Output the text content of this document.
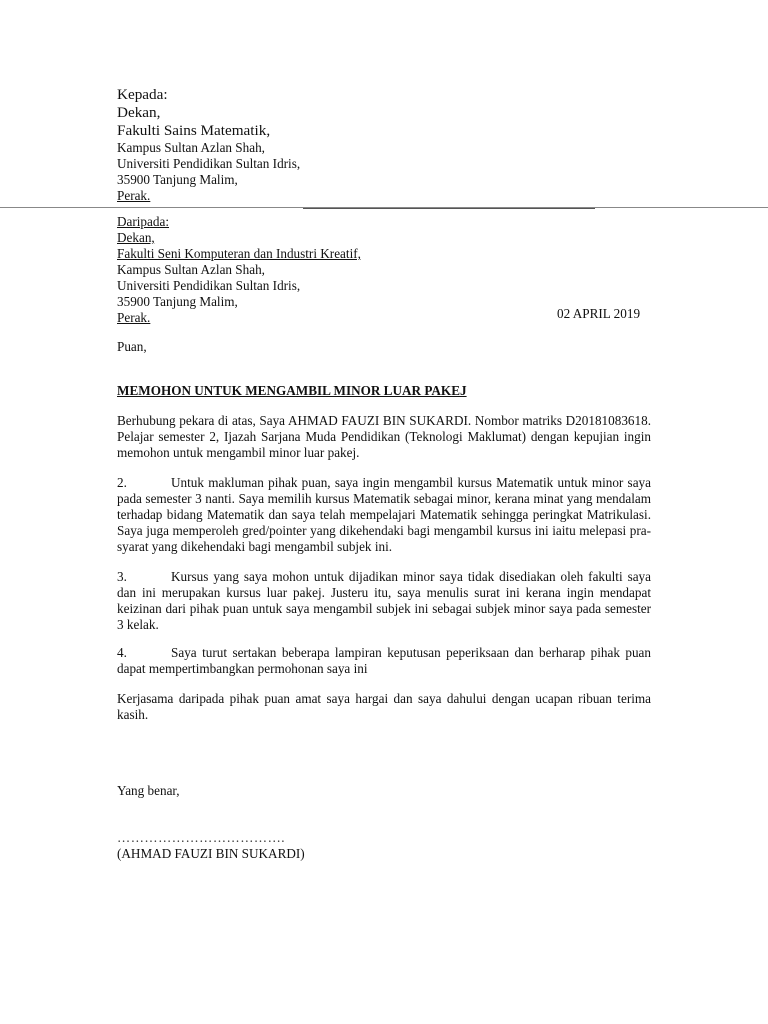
Kepada:
Dekan,
Fakulti Sains Matematik,
Kampus Sultan Azlan Shah,
Universiti Pendidikan Sultan Idris,
35900 Tanjung Malim,
Perak.
Daripada:
Dekan,
Fakulti Seni Komputeran dan Industri Kreatif,
Kampus Sultan Azlan Shah,
Universiti Pendidikan Sultan Idris,
35900 Tanjung Malim,
Perak.	02 APRIL 2019
Puan,
MEMOHON UNTUK MENGAMBIL MINOR LUAR PAKEJ
Berhubung pekara di atas, Saya AHMAD FAUZI BIN SUKARDI. Nombor matriks D20181083618. Pelajar semester 2, Ijazah Sarjana Muda Pendidikan (Teknologi Maklumat) dengan kepujian ingin memohon untuk mengambil minor luar pakej.
2.	Untuk makluman pihak puan, saya ingin mengambil kursus Matematik untuk minor saya pada semester 3 nanti. Saya memilih kursus Matematik sebagai minor, kerana minat yang mendalam terhadap bidang Matematik dan saya telah mempelajari Matematik sehingga peringkat Matrikulasi. Saya juga memperoleh gred/pointer yang dikehendaki bagi mengambil kursus ini iaitu melepasi pra-syarat yang dikehendaki bagi mengambil subjek ini.
3.	Kursus yang saya mohon untuk dijadikan minor saya tidak disediakan oleh fakulti saya dan ini merupakan kursus luar pakej. Justeru itu, saya menulis surat ini kerana ingin mendapat keizinan dari pihak puan untuk saya mengambil subjek ini sebagai subjek minor saya pada semester 3 kelak.
4.	Saya turut sertakan beberapa lampiran keputusan peperiksaan dan berharap pihak puan dapat mempertimbangkan permohonan saya ini
Kerjasama daripada pihak puan amat saya hargai dan saya dahului dengan ucapan ribuan terima kasih.
Yang benar,
……………………………….
(AHMAD FAUZI BIN SUKARDI)
